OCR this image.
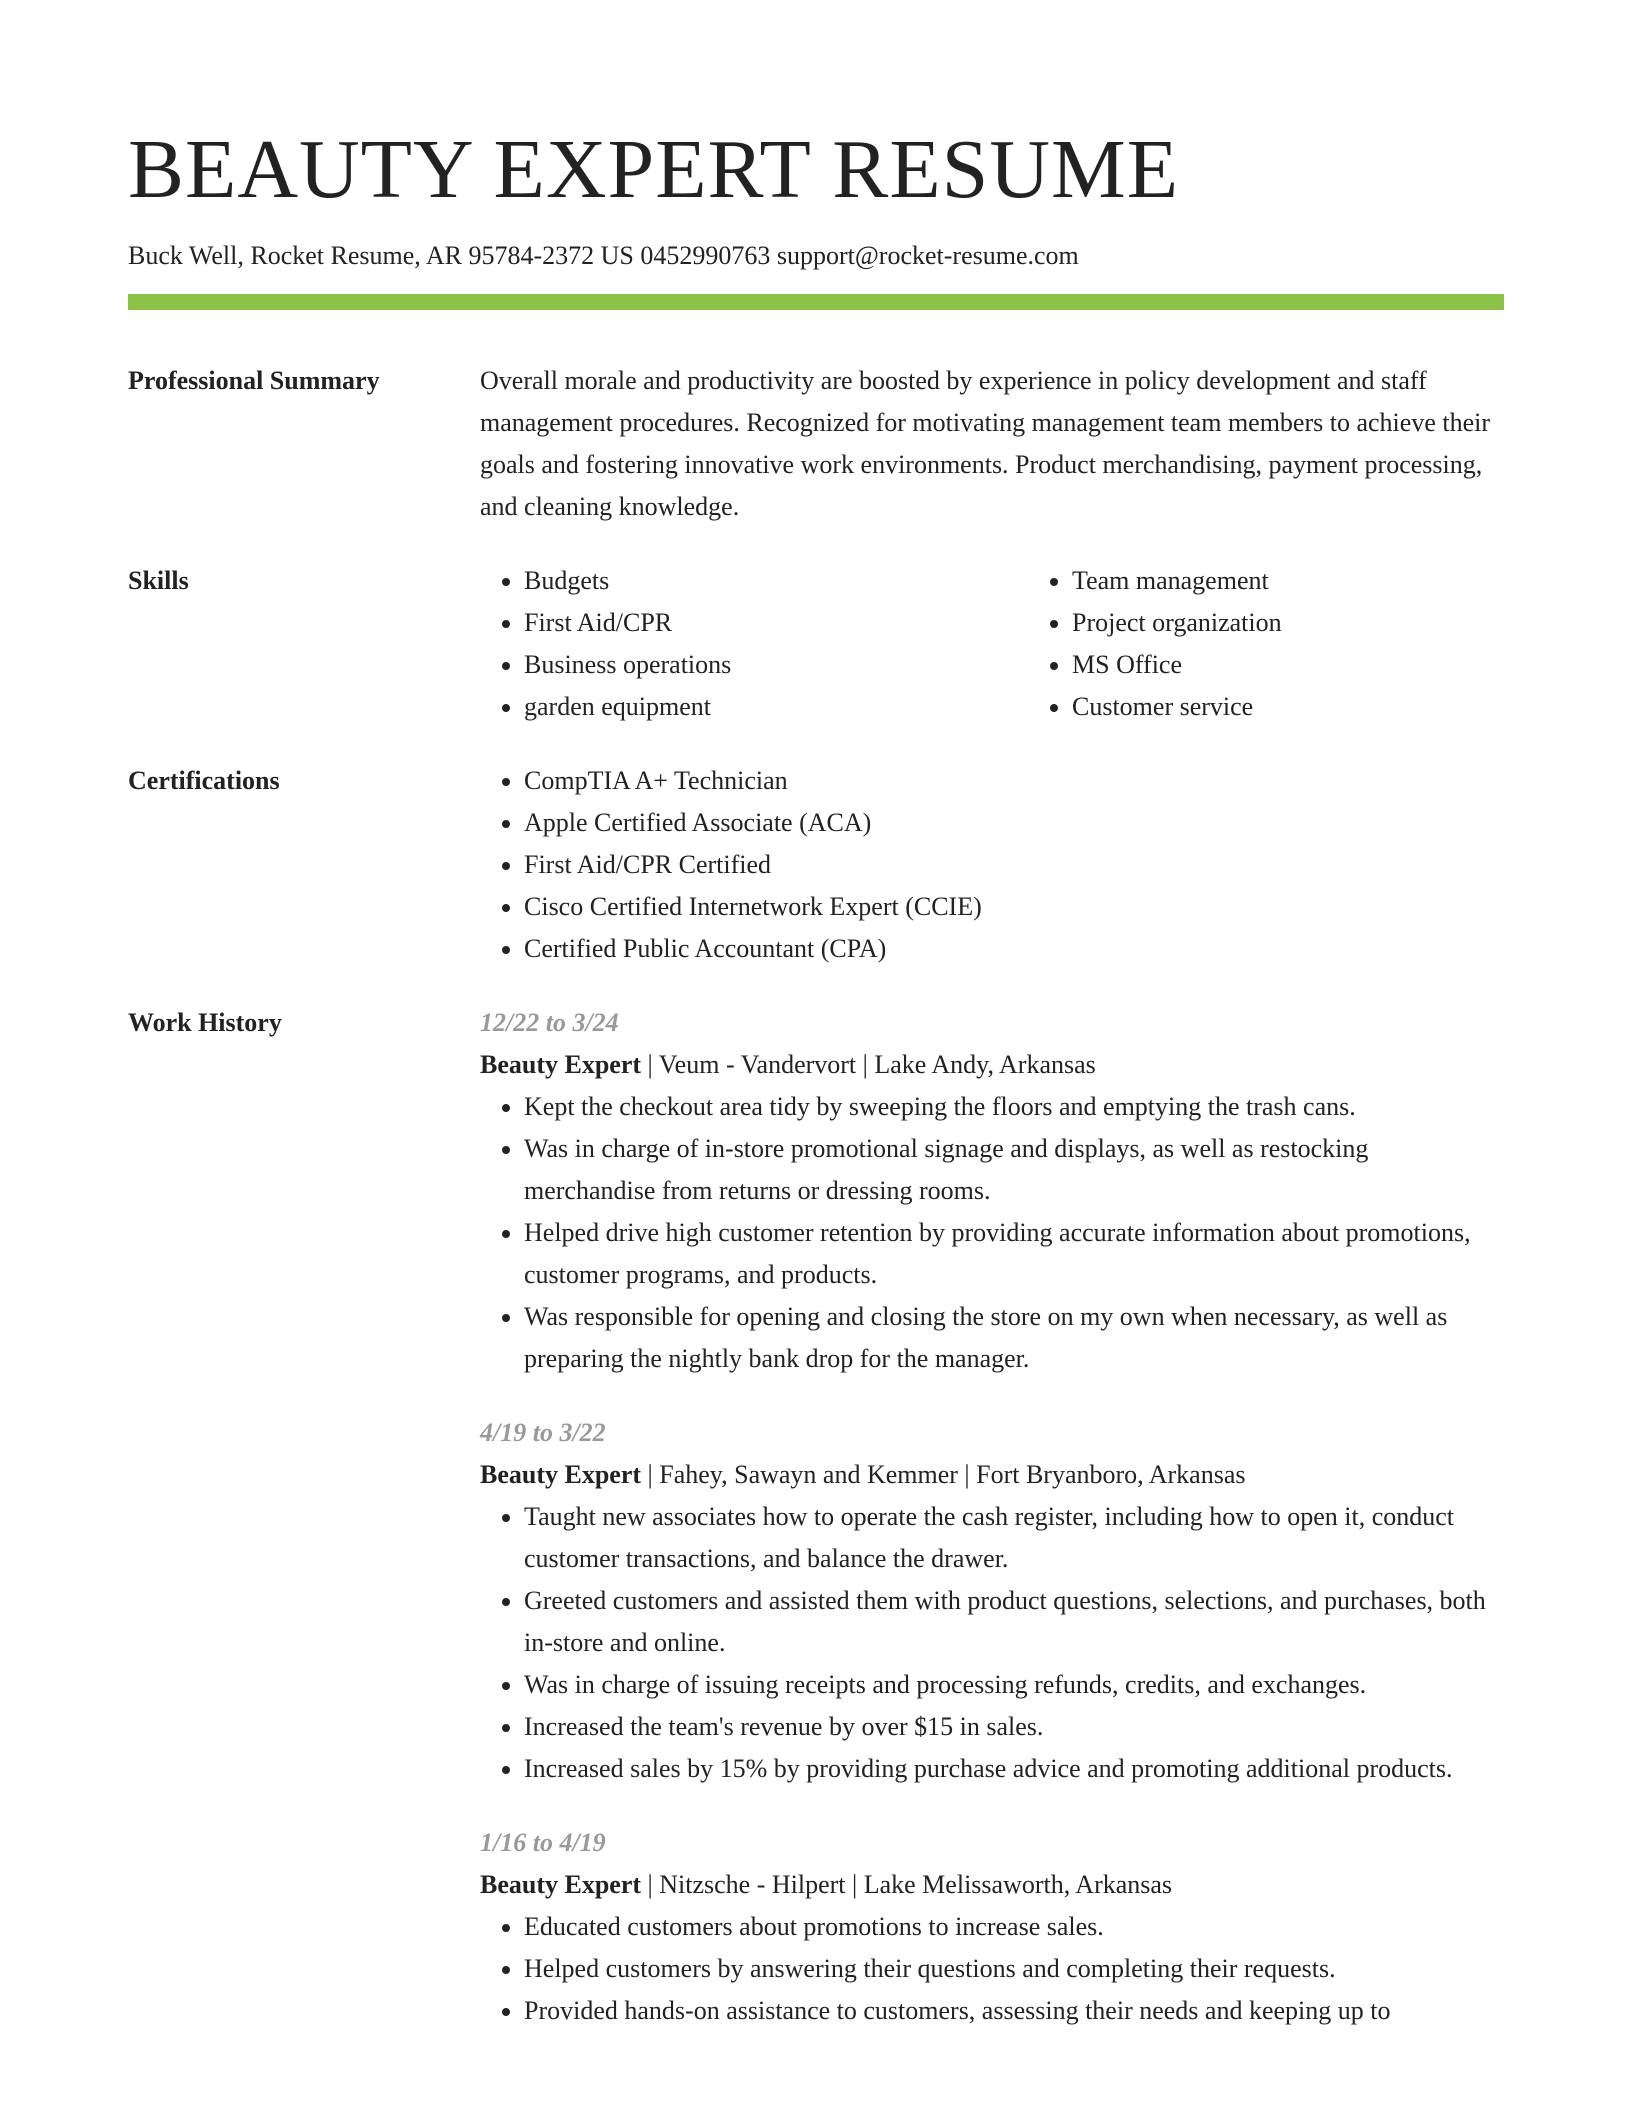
BEAUTY EXPERT RESUME
Buck Well, Rocket Resume, AR 95784-2372 US 0452990763 support@rocket-resume.com
Professional Summary	Overall morale and productivity are boosted by experience in policy development and staff management procedures. Recognized for motivating management team members to achieve their goals and fostering innovative work environments. Product merchandising, payment processing, and cleaning knowledge.
Skills	• Budgets
• First Aid/CPR
• Business operations
• garden equipment
• Team management
• Project organization
• MS Office
• Customer service
Certifications	• CompTIA A+ Technician
• Apple Certified Associate (ACA)
• First Aid/CPR Certified
• Cisco Certified Internetwork Expert (CCIE)
• Certified Public Accountant (CPA)
Work History	12/22 to 3/24
Beauty Expert | Veum - Vandervort | Lake Andy, Arkansas
• Kept the checkout area tidy by sweeping the floors and emptying the trash cans.
• Was in charge of in-store promotional signage and displays, as well as restocking merchandise from returns or dressing rooms.
• Helped drive high customer retention by providing accurate information about promotions, customer programs, and products.
• Was responsible for opening and closing the store on my own when necessary, as well as preparing the nightly bank drop for the manager.
4/19 to 3/22
Beauty Expert | Fahey, Sawayn and Kemmer | Fort Bryanboro, Arkansas
• Taught new associates how to operate the cash register, including how to open it, conduct customer transactions, and balance the drawer.
• Greeted customers and assisted them with product questions, selections, and purchases, both in-store and online.
• Was in charge of issuing receipts and processing refunds, credits, and exchanges.
• Increased the team's revenue by over $15 in sales.
• Increased sales by 15% by providing purchase advice and promoting additional products.
1/16 to 4/19
Beauty Expert | Nitzsche - Hilpert | Lake Melissaworth, Arkansas
• Educated customers about promotions to increase sales.
• Helped customers by answering their questions and completing their requests.
• Provided hands-on assistance to customers, assessing their needs and keeping up to
